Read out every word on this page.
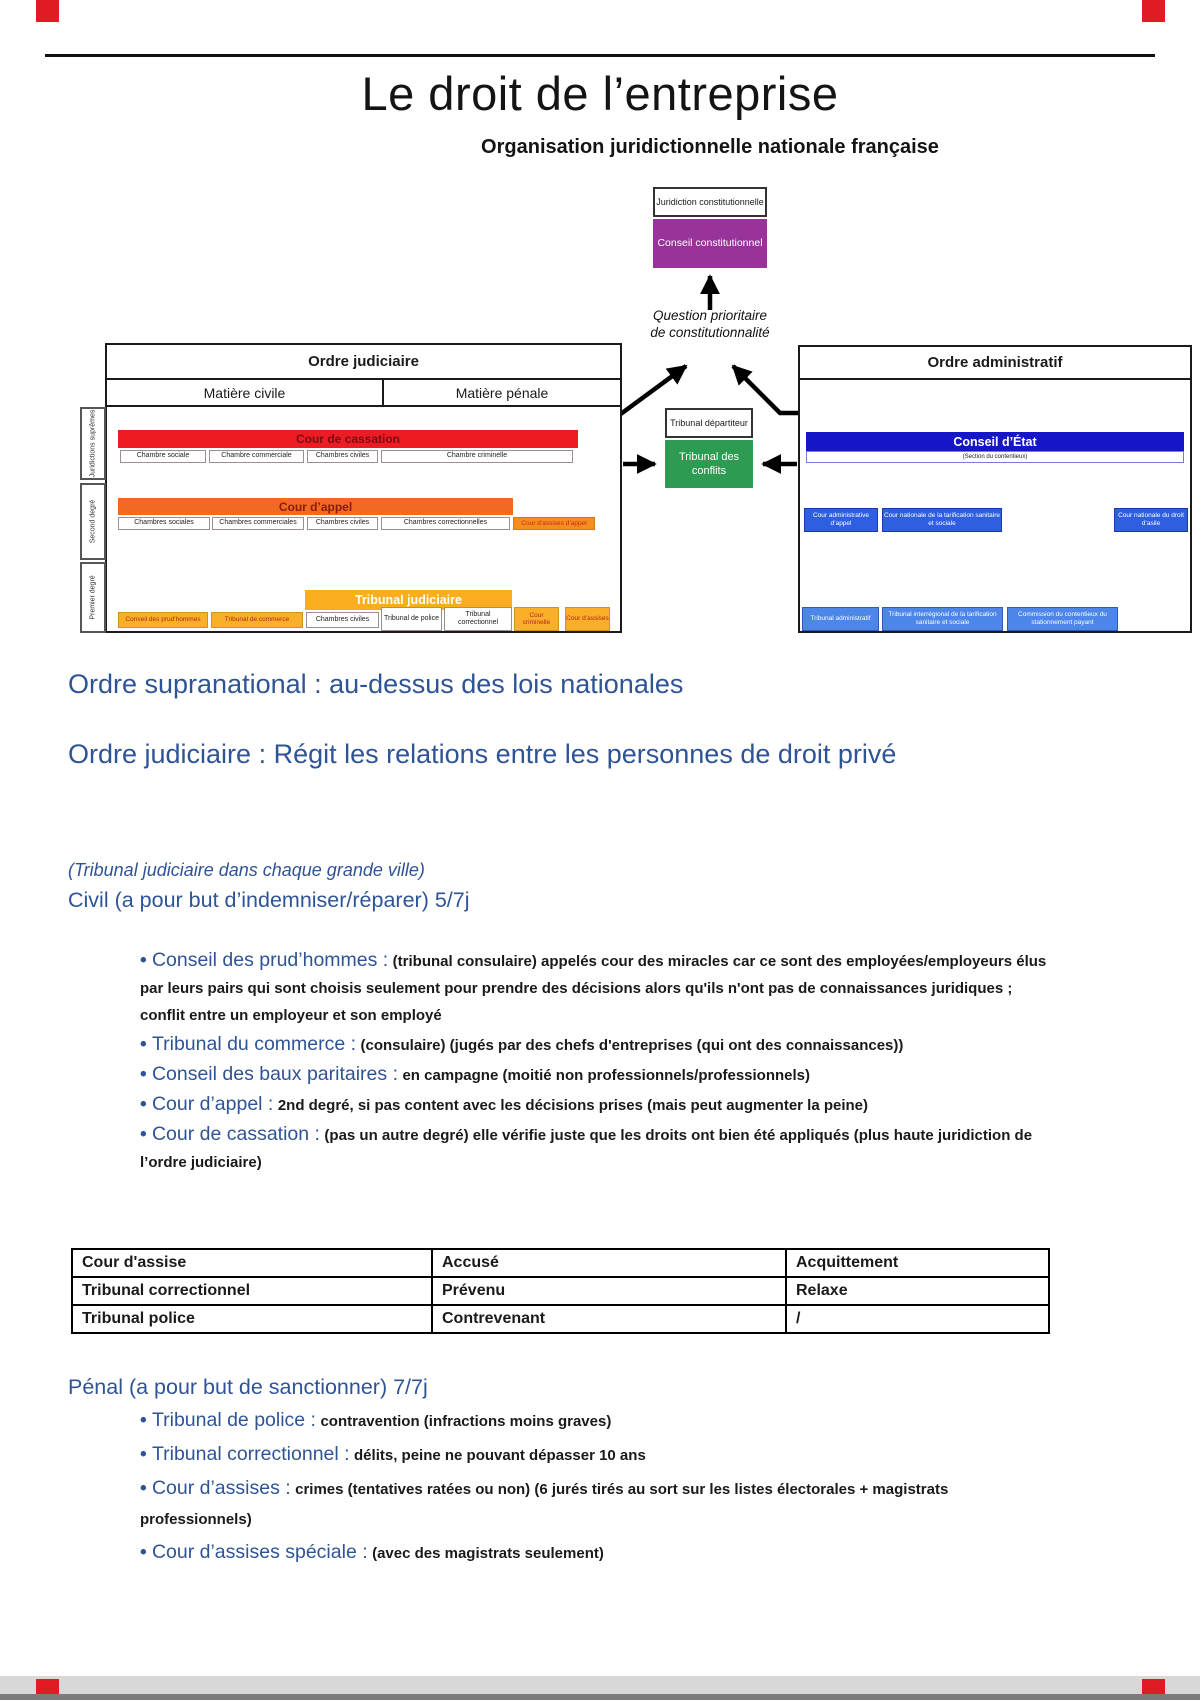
Le droit de l’entreprise
Organisation juridictionnelle nationale française
Juridiction constitutionnelle
Conseil constitutionnel
Question prioritaire
de constitutionnalité
Ordre judiciaire
Matière civile	Matière pénale
Juridictions suprêmes
Second degré
Premier degré
Cour de cassation
Chambre sociale	Chambre commerciale	Chambres civiles	Chambre criminelle
Cour d’appel
Chambres sociales	Chambres commerciales	Chambres civiles	Chambres correctionnelles	Cour d’assises d’appel
Tribunal judiciaire
Conseil des prud’hommes	Tribunal de commerce	Chambres civiles	Tribunal de police
Tribunal correctionnel
Cour criminelle
Cour d’assises
Tribunal départiteur
Tribunal des conflits
Ordre administratif
Conseil d’État
(Section du contentieux)
Cour administrative d’appel
Cour nationale de la tarification sanitaire et sociale
Cour nationale du droit d’asile
Tribunal administratif
Tribunal interrégional de la tarification sanitaire et sociale
Commission du contentieux du stationnement payant
Ordre supranational : au-dessus des lois nationales
Ordre judiciaire : Régit les relations entre les personnes de droit privé
(Tribunal judiciaire dans chaque grande ville)
Civil (a pour but d’indemniser/réparer) 5/7j
• Conseil des prud’hommes : (tribunal consulaire) appelés cour des miracles car ce sont des employées/employeurs élus par leurs pairs qui sont choisis seulement pour prendre des décisions alors qu'ils n'ont pas de connaissances juridiques ; conflit entre un employeur et son employé
• Tribunal du commerce : (consulaire) (jugés par des chefs d'entreprises (qui ont des connaissances))
• Conseil des baux paritaires : en campagne (moitié non professionnels/professionnels)
• Cour d’appel : 2nd degré, si pas content avec les décisions prises (mais peut augmenter la peine)
• Cour de cassation : (pas un autre degré) elle vérifie juste que les droits ont bien été appliqués (plus haute juridiction de l’ordre judiciaire)
Cour d'assise	Accusé	Acquittement
Tribunal correctionnel	Prévenu	Relaxe
Tribunal police	Contrevenant	/
Pénal (a pour but de sanctionner) 7/7j
• Tribunal de police : contravention (infractions moins graves)
• Tribunal correctionnel : délits, peine ne pouvant dépasser 10 ans
• Cour d’assises : crimes (tentatives ratées ou non) (6 jurés tirés au sort sur les listes électorales + magistrats professionnels)
• Cour d’assises spéciale : (avec des magistrats seulement)
